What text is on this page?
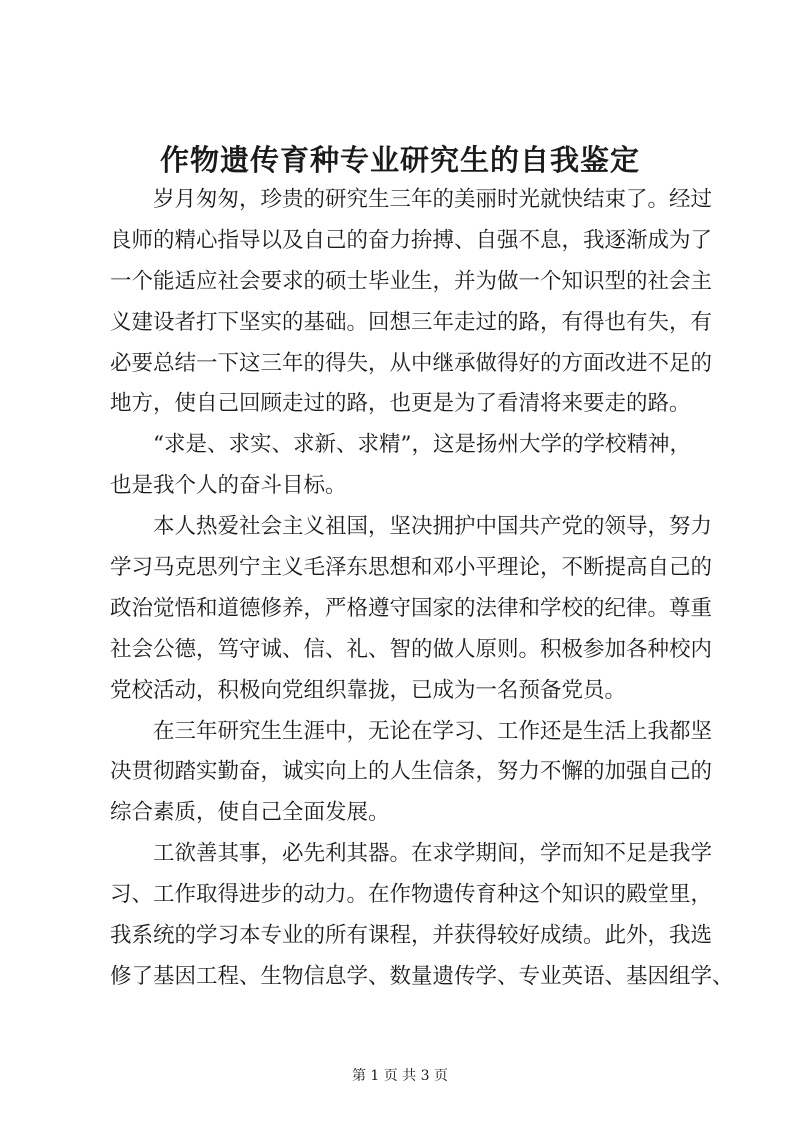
作物遗传育种专业研究生的自我鉴定
　　岁月匆匆，珍贵的研究生三年的美丽时光就快结束了。经过
良师的精心指导以及自己的奋力拚搏、自强不息，我逐渐成为了
一个能适应社会要求的硕士毕业生，并为做一个知识型的社会主
义建设者打下坚实的基础。回想三年走过的路，有得也有失，有
必要总结一下这三年的得失，从中继承做得好的方面改进不足的
地方，使自己回顾走过的路，也更是为了看清将来要走的路。
　　“求是、求实、求新、求精”，这是扬州大学的学校精神，
也是我个人的奋斗目标。
　　本人热爱社会主义祖国，坚决拥护中国共产党的领导，努力
学习马克思列宁主义毛泽东思想和邓小平理论，不断提高自己的
政治觉悟和道德修养，严格遵守国家的法律和学校的纪律。尊重
社会公德，笃守诚、信、礼、智的做人原则。积极参加各种校内
党校活动，积极向党组织靠拢，已成为一名预备党员。
　　在三年研究生生涯中，无论在学习、工作还是生活上我都坚
决贯彻踏实勤奋，诚实向上的人生信条，努力不懈的加强自己的
综合素质，使自己全面发展。
　　工欲善其事，必先利其器。在求学期间，学而知不足是我学
习、工作取得进步的动力。在作物遗传育种这个知识的殿堂里，
我系统的学习本专业的所有课程，并获得较好成绩。此外，我选
修了基因工程、生物信息学、数量遗传学、专业英语、基因组学、
第 1 页 共 3 页
